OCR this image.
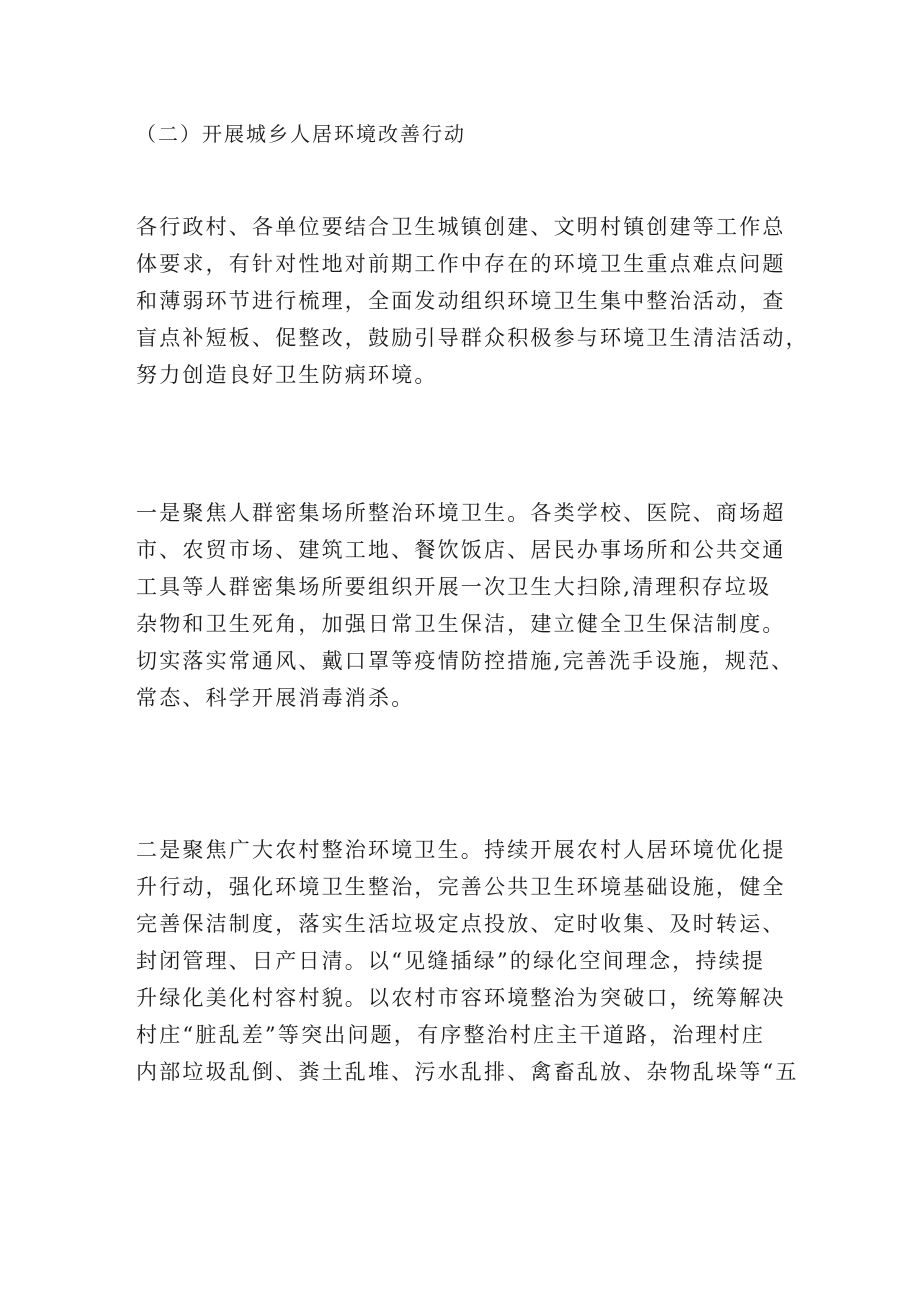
（二）开展城乡人居环境改善行动
各行政村、各单位要结合卫生城镇创建、文明村镇创建等工作总
体要求，有针对性地对前期工作中存在的环境卫生重点难点问题
和薄弱环节进行梳理，全面发动组织环境卫生集中整治活动，查
盲点补短板、促整改，鼓励引导群众积极参与环境卫生清洁活动，
努力创造良好卫生防病环境。
一是聚焦人群密集场所整治环境卫生。各类学校、医院、商场超
市、农贸市场、建筑工地、餐饮饭店、居民办事场所和公共交通
工具等人群密集场所要组织开展一次卫生大扫除,清理积存垃圾
杂物和卫生死角，加强日常卫生保洁，建立健全卫生保洁制度。
切实落实常通风、戴口罩等疫情防控措施,完善洗手设施，规范、
常态、科学开展消毒消杀。
二是聚焦广大农村整治环境卫生。持续开展农村人居环境优化提
升行动，强化环境卫生整治，完善公共卫生环境基础设施，健全
完善保洁制度，落实生活垃圾定点投放、定时收集、及时转运、
封闭管理、日产日清。以“见缝插绿”的绿化空间理念，持续提
升绿化美化村容村貌。以农村市容环境整治为突破口，统筹解决
村庄“脏乱差”等突出问题，有序整治村庄主干道路，治理村庄
内部垃圾乱倒、粪土乱堆、污水乱排、禽畜乱放、杂物乱垛等“五
